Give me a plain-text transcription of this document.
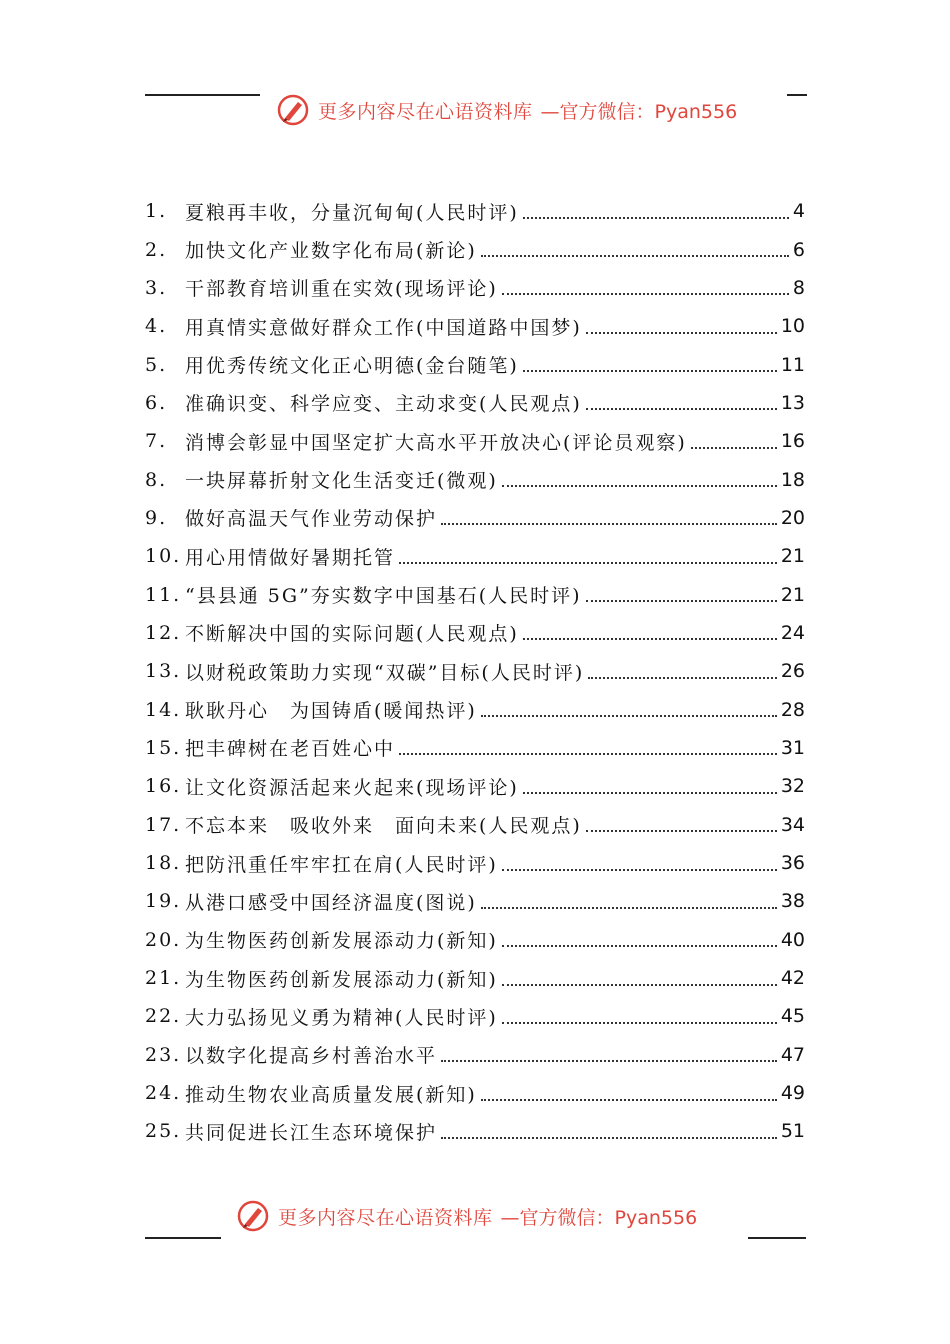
更多内容尽在心语资料库 —官方微信：Pyan556
1. 夏粮再丰收，分量沉甸甸(人民时评)	4
2. 加快文化产业数字化布局(新论)	6
3. 干部教育培训重在实效(现场评论)	8
4. 用真情实意做好群众工作(中国道路中国梦)	10
5. 用优秀传统文化正心明德(金台随笔)	11
6. 准确识变、科学应变、主动求变(人民观点)	13
7. 消博会彰显中国坚定扩大高水平开放决心(评论员观察)	16
8. 一块屏幕折射文化生活变迁(微观)	18
9. 做好高温天气作业劳动保护	20
10. 用心用情做好暑期托管	21
11. “县县通 5G”夯实数字中国基石(人民时评)	21
12. 不断解决中国的实际问题(人民观点)	24
13. 以财税政策助力实现“双碳”目标(人民时评)	26
14. 耿耿丹心　为国铸盾(暖闻热评)	28
15. 把丰碑树在老百姓心中	31
16. 让文化资源活起来火起来(现场评论)	32
17. 不忘本来　吸收外来　面向未来(人民观点)	34
18. 把防汛重任牢牢扛在肩(人民时评)	36
19. 从港口感受中国经济温度(图说)	38
20. 为生物医药创新发展添动力(新知)	40
21. 为生物医药创新发展添动力(新知)	42
22. 大力弘扬见义勇为精神(人民时评)	45
23. 以数字化提高乡村善治水平	47
24. 推动生物农业高质量发展(新知)	49
25. 共同促进长江生态环境保护	51
更多内容尽在心语资料库 —官方微信：Pyan556
